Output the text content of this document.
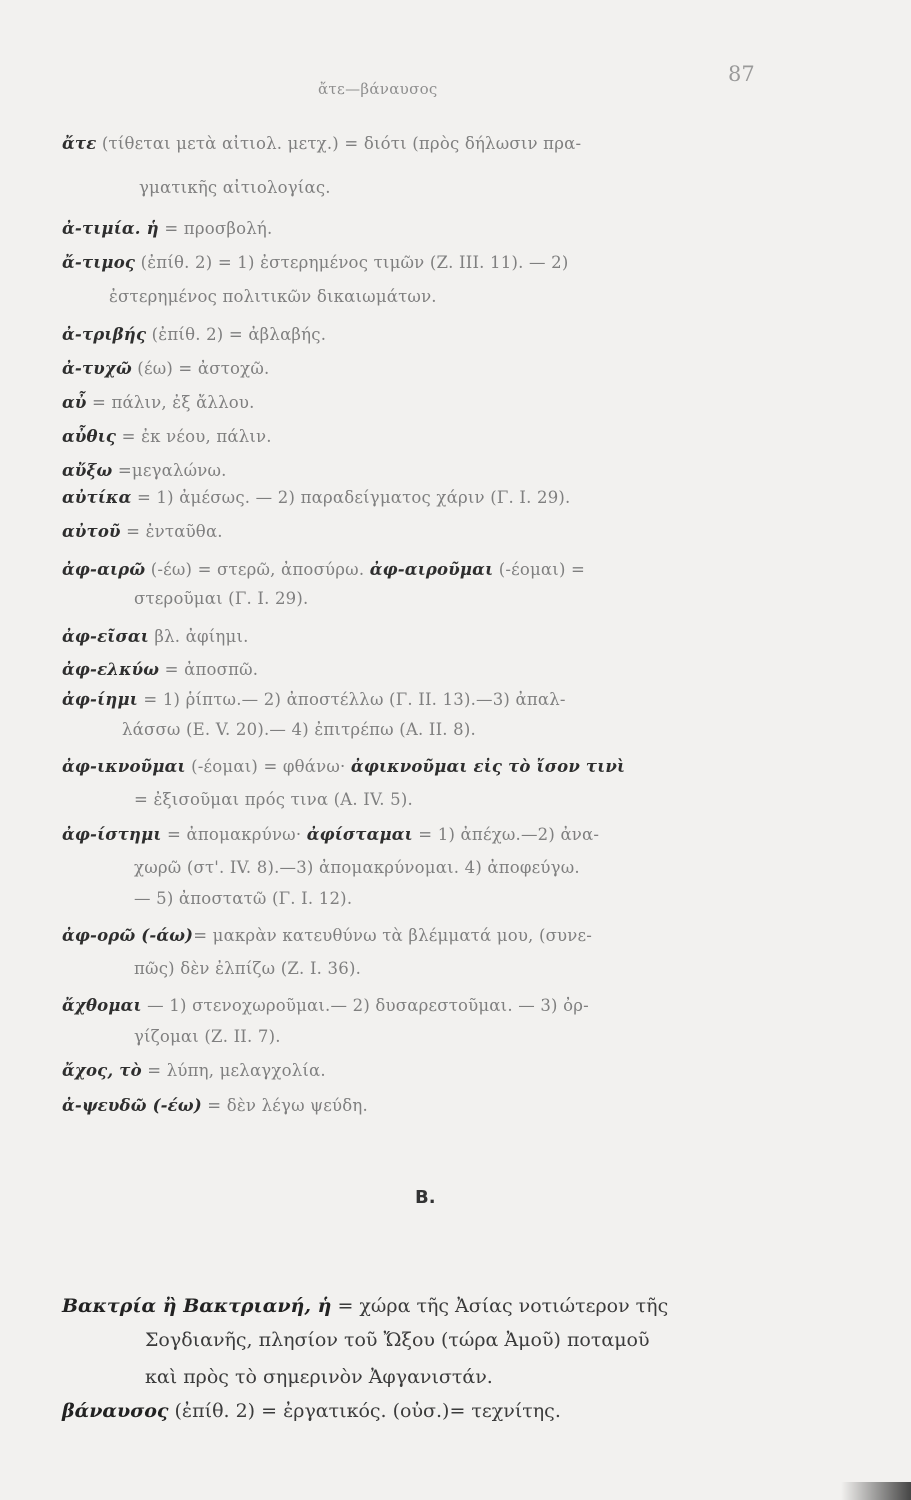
ἄτε—βάναυσος
87
ἄτε (τίθεται μετὰ αἰτιολ. μετχ.) = διότι (πρὸς δήλωσιν πρα-
γματικῆς αἰτιολογίας.
ἀ-τιμία. ἡ = προσβολή.
ἄ-τιμος (ἐπίθ. 2) = 1) ἐστερημένος τιμῶν (Ζ. ΙΙΙ. 11). — 2)
ἐστερημένος πολιτικῶν δικαιωμάτων.
ἀ-τριβής (ἐπίθ. 2) = ἀβλαβής.
ἀ-τυχῶ (έω) = ἀστοχῶ.
αὖ = πάλιν, ἐξ ἄλλου.
αὖθις = ἐκ νέου, πάλιν.
αὔξω =μεγαλώνω.
αὐτίκα = 1) ἀμέσως. — 2) παραδείγματος χάριν (Γ. Ι. 29).
αὐτοῦ = ἐνταῦθα.
ἀφ-αιρῶ (-έω) = στερῶ, ἀποσύρω. ἀφ-αιροῦμαι (-έομαι) =
στεροῦμαι (Γ. Ι. 29).
ἀφ-εῖσαι βλ. ἀφίημι.
ἀφ-ελκύω = ἀποσπῶ.
ἀφ-ίημι = 1) ῥίπτω.— 2) ἀποστέλλω (Γ. ΙΙ. 13).—3) ἀπαλ-
λάσσω (Ε. V. 20).— 4) ἐπιτρέπω (Α. ΙΙ. 8).
ἀφ-ικνοῦμαι (-έομαι) = φθάνω· ἀφικνοῦμαι εἰς τὸ ἴσον τινὶ
= ἐξισοῦμαι πρός τινα (Α. ΙV. 5).
ἀφ-ίστημι = ἀπομακρύνω· ἀφίσταμαι = 1) ἀπέχω.—2) ἀνα-
χωρῶ (στ'. ΙV. 8).—3) ἀπομακρύνομαι. 4) ἀποφεύγω.
— 5) ἀποστατῶ (Γ. Ι. 12).
ἀφ-ορῶ (-άω)= μακρὰν κατευθύνω τὰ βλέμματά μου, (συνε-
πῶς) δὲν ἐλπίζω (Ζ. Ι. 36).
ἄχθομαι — 1) στενοχωροῦμαι.— 2) δυσαρεστοῦμαι. — 3) ὀρ-
γίζομαι (Ζ. ΙΙ. 7).
ἄχος, τὸ = λύπη, μελαγχολία.
ἀ-ψευδῶ (-έω) = δὲν λέγω ψεύδη.
B.
Βακτρία ἢ Βακτριανή, ἡ = χώρα τῆς Ἀσίας νοτιώτερον τῆς
Σογδιανῆς, πλησίον τοῦ Ὤξου (τώρα Ἀμοῦ) ποταμοῦ
καὶ πρὸς τὸ σημερινὸν Ἀφγανιστάν.
βάναυσος (ἐπίθ. 2) = ἐργατικός. (οὐσ.)= τεχνίτης.
